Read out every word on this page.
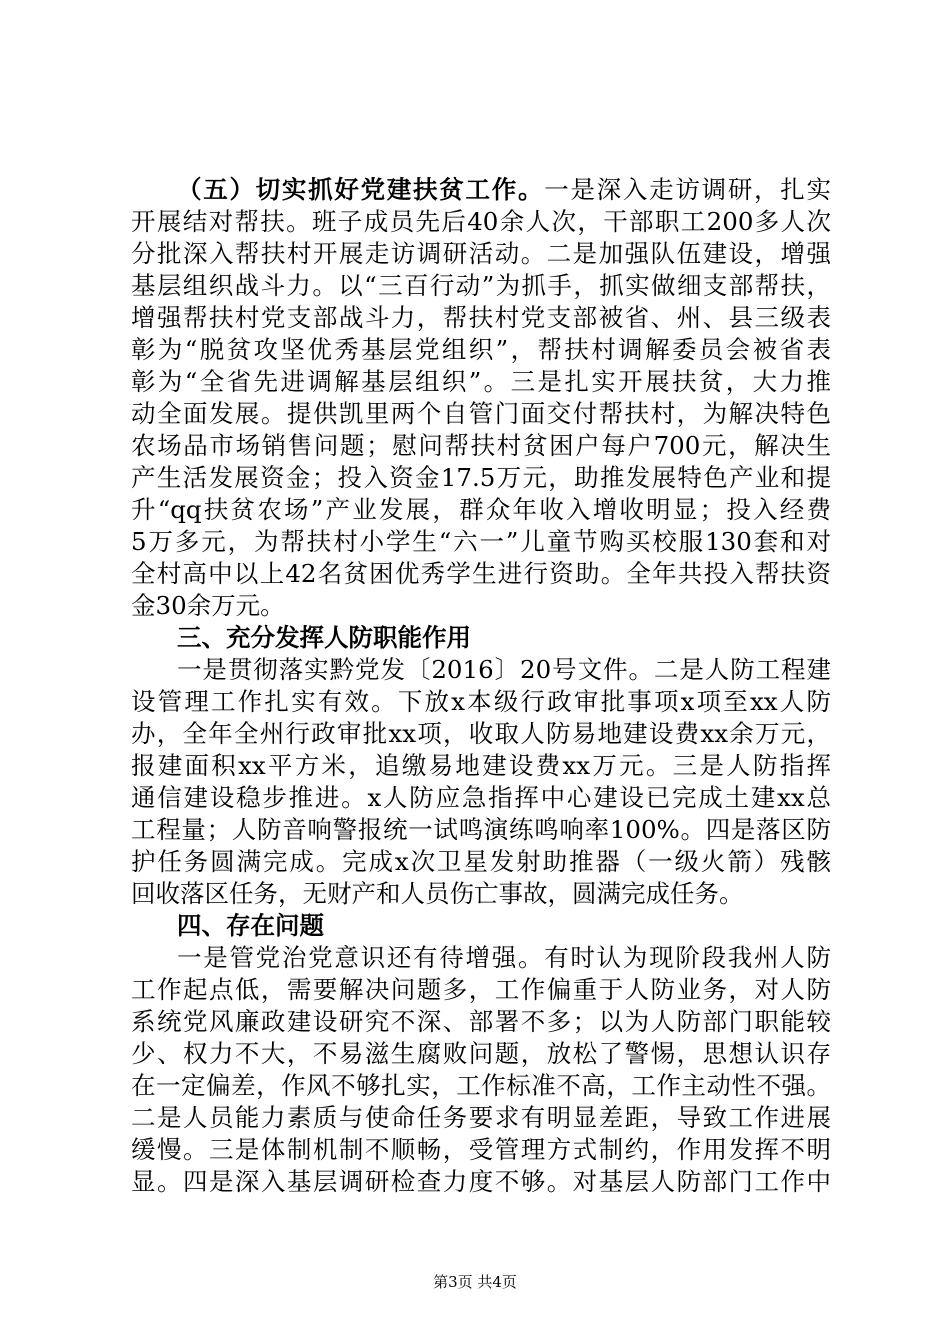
（五）切实抓好党建扶贫工作。一是深入走访调研，扎实
开展结对帮扶。班子成员先后40余人次，干部职工200多人次
分批深入帮扶村开展走访调研活动。二是加强队伍建设，增强
基层组织战斗力。以“三百行动”为抓手，抓实做细支部帮扶，
增强帮扶村党支部战斗力，帮扶村党支部被省、州、县三级表
彰为“脱贫攻坚优秀基层党组织”，帮扶村调解委员会被省表
彰为“全省先进调解基层组织”。三是扎实开展扶贫，大力推
动全面发展。提供凯里两个自管门面交付帮扶村，为解决特色
农场品市场销售问题；慰问帮扶村贫困户每户700元，解决生
产生活发展资金；投入资金17.5万元，助推发展特色产业和提
升“qq扶贫农场”产业发展，群众年收入增收明显；投入经费
5万多元，为帮扶村小学生“六一”儿童节购买校服130套和对
全村高中以上42名贫困优秀学生进行资助。全年共投入帮扶资
金30余万元。
三、充分发挥人防职能作用
一是贯彻落实黔党发〔2016〕20号文件。二是人防工程建
设管理工作扎实有效。下放x本级行政审批事项x项至xx人防
办，全年全州行政审批xx项，收取人防易地建设费xx余万元，
报建面积xx平方米，追缴易地建设费xx万元。三是人防指挥
通信建设稳步推进。x人防应急指挥中心建设已完成土建xx总
工程量；人防音响警报统一试鸣演练鸣响率100%。四是落区防
护任务圆满完成。完成x次卫星发射助推器（一级火箭）残骸
回收落区任务，无财产和人员伤亡事故，圆满完成任务。
四、存在问题
一是管党治党意识还有待增强。有时认为现阶段我州人防
工作起点低，需要解决问题多，工作偏重于人防业务，对人防
系统党风廉政建设研究不深、部署不多；以为人防部门职能较
少、权力不大，不易滋生腐败问题，放松了警惕，思想认识存
在一定偏差，作风不够扎实，工作标准不高，工作主动性不强。
二是人员能力素质与使命任务要求有明显差距，导致工作进展
缓慢。三是体制机制不顺畅，受管理方式制约，作用发挥不明
显。四是深入基层调研检查力度不够。对基层人防部门工作中
第3页 共4页
